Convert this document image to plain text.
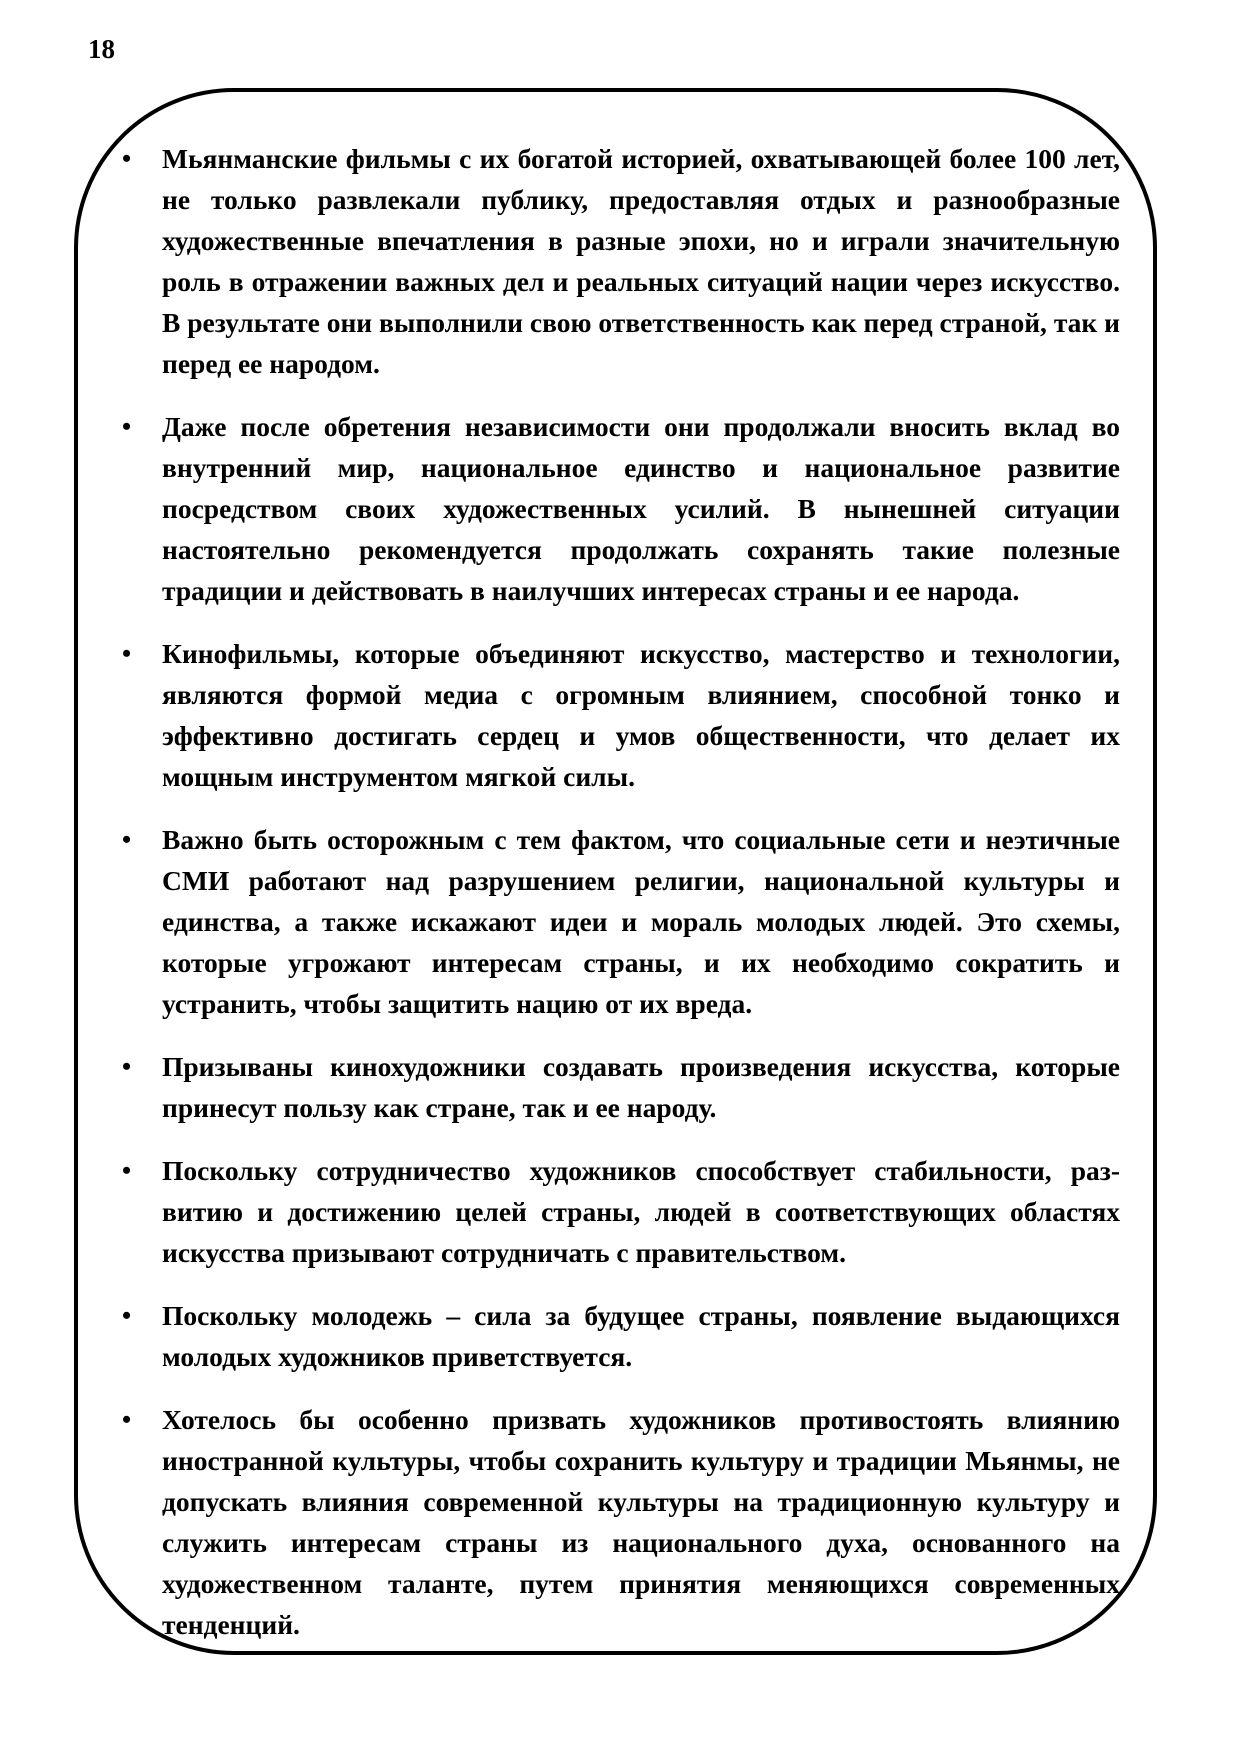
18
• Мьянманские фильмы с их богатой историей, охватывающей более 100 лет, не только развлекали публику, предоставляя отдых и разнообразные художественные впечатления в разные эпохи, но и играли значительную роль в отражении важных дел и реальных ситуаций нации через искусство. В результате они выполнили свою ответственность как перед страной, так и перед ее народом.
• Даже после обретения независимости они продолжали вносить вклад во внутренний мир, национальное единство и национальное развитие посредством своих художественных усилий. В нынешней ситуации настоятельно рекомендуется продолжать сохранять такие полезные традиции и действовать в наилучших интересах страны и ее народа.
• Кинофильмы, которые объединяют искусство, мастерство и технологии, являются формой медиа с огромным влиянием, способной тонко и эффективно достигать сердец и умов общественности, что делает их мощным инструментом мягкой силы.
• Важно быть осторожным с тем фактом, что социальные сети и неэтичные СМИ работают над разрушением религии, национальной культуры и единства, а также искажают идеи и мораль молодых людей. Это схемы, которые угрожают интересам страны, и их необходимо сократить и устранить, чтобы защитить нацию от их вреда.
• Призываны кинохудожники создавать произведения искусства, которые принесут пользу как стране, так и ее народу.
• Поскольку сотрудничество художников способствует стабильности, развитию и достижению целей страны, людей в соответствующих областях искусства призывают сотрудничать с правительством.
• Поскольку молодежь – сила за будущее страны, появление выдающихся молодых художников приветствуется.
• Хотелось бы особенно призвать художников противостоять влиянию иностранной культуры, чтобы сохранить культуру и традиции Мьянмы, не допускать влияния современной культуры на традиционную культуру и служить интересам страны из национального духа, основанного на художественном таланте, путем принятия меняющихся современных тенденций.
